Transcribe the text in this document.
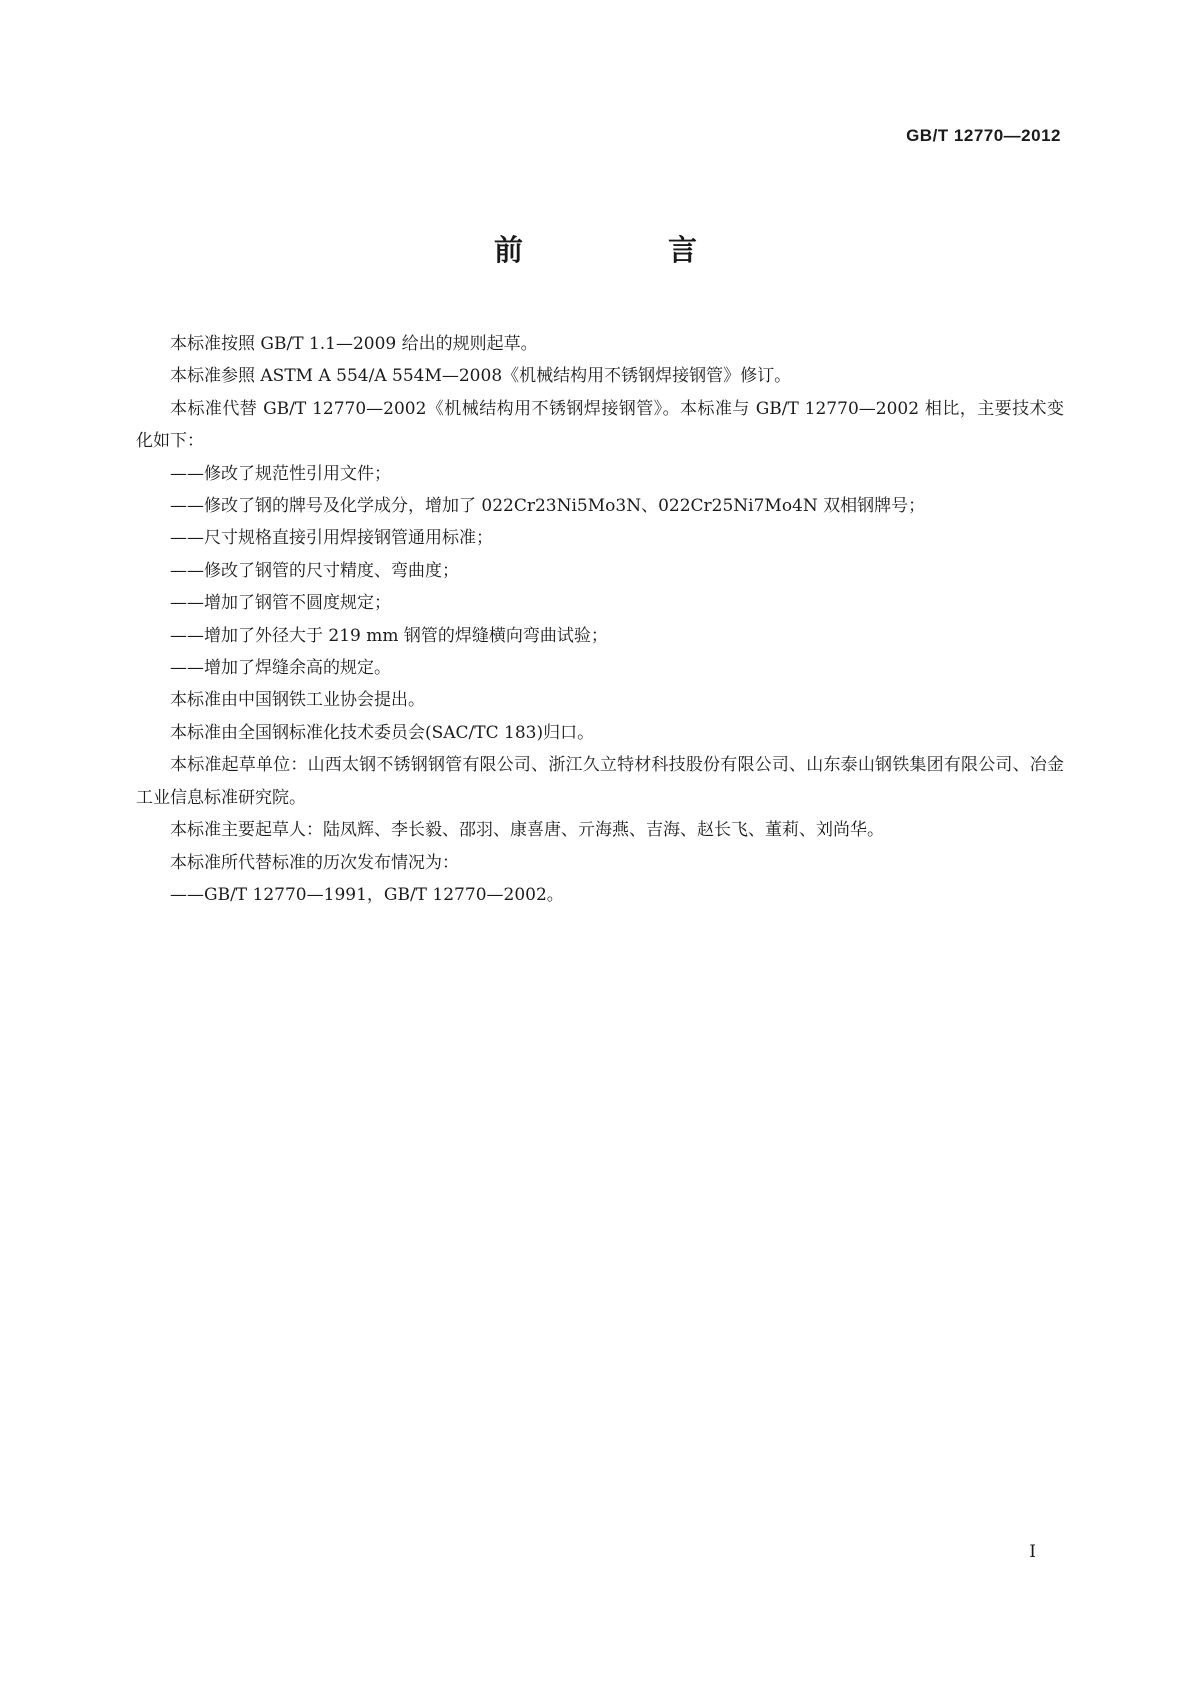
GB/T 12770—2012
前　言

本标准按照 GB/T 1.1—2009 给出的规则起草。

本标准参照 ASTM A 554/A 554M—2008《机械结构用不锈钢焊接钢管》修订。

本标准代替 GB/T 12770—2002《机械结构用不锈钢焊接钢管》。本标准与 GB/T 12770—2002 相比，主要技术变化如下：

——修改了规范性引用文件；

——修改了钢的牌号及化学成分，增加了 022Cr23Ni5Mo3N、022Cr25Ni7Mo4N 双相钢牌号；

——尺寸规格直接引用焊接钢管通用标准；

——修改了钢管的尺寸精度、弯曲度；

——增加了钢管不圆度规定；

——增加了外径大于 219 mm 钢管的焊缝横向弯曲试验；

——增加了焊缝余高的规定。

本标准由中国钢铁工业协会提出。

本标准由全国钢标准化技术委员会(SAC/TC 183)归口。

本标准起草单位：山西太钢不锈钢钢管有限公司、浙江久立特材科技股份有限公司、山东泰山钢铁集团有限公司、冶金工业信息标准研究院。

本标准主要起草人：陆凤辉、李长毅、邵羽、康喜唐、亓海燕、吉海、赵长飞、董莉、刘尚华。

本标准所代替标准的历次发布情况为：

——GB/T 12770—1991，GB/T 12770—2002。

I
